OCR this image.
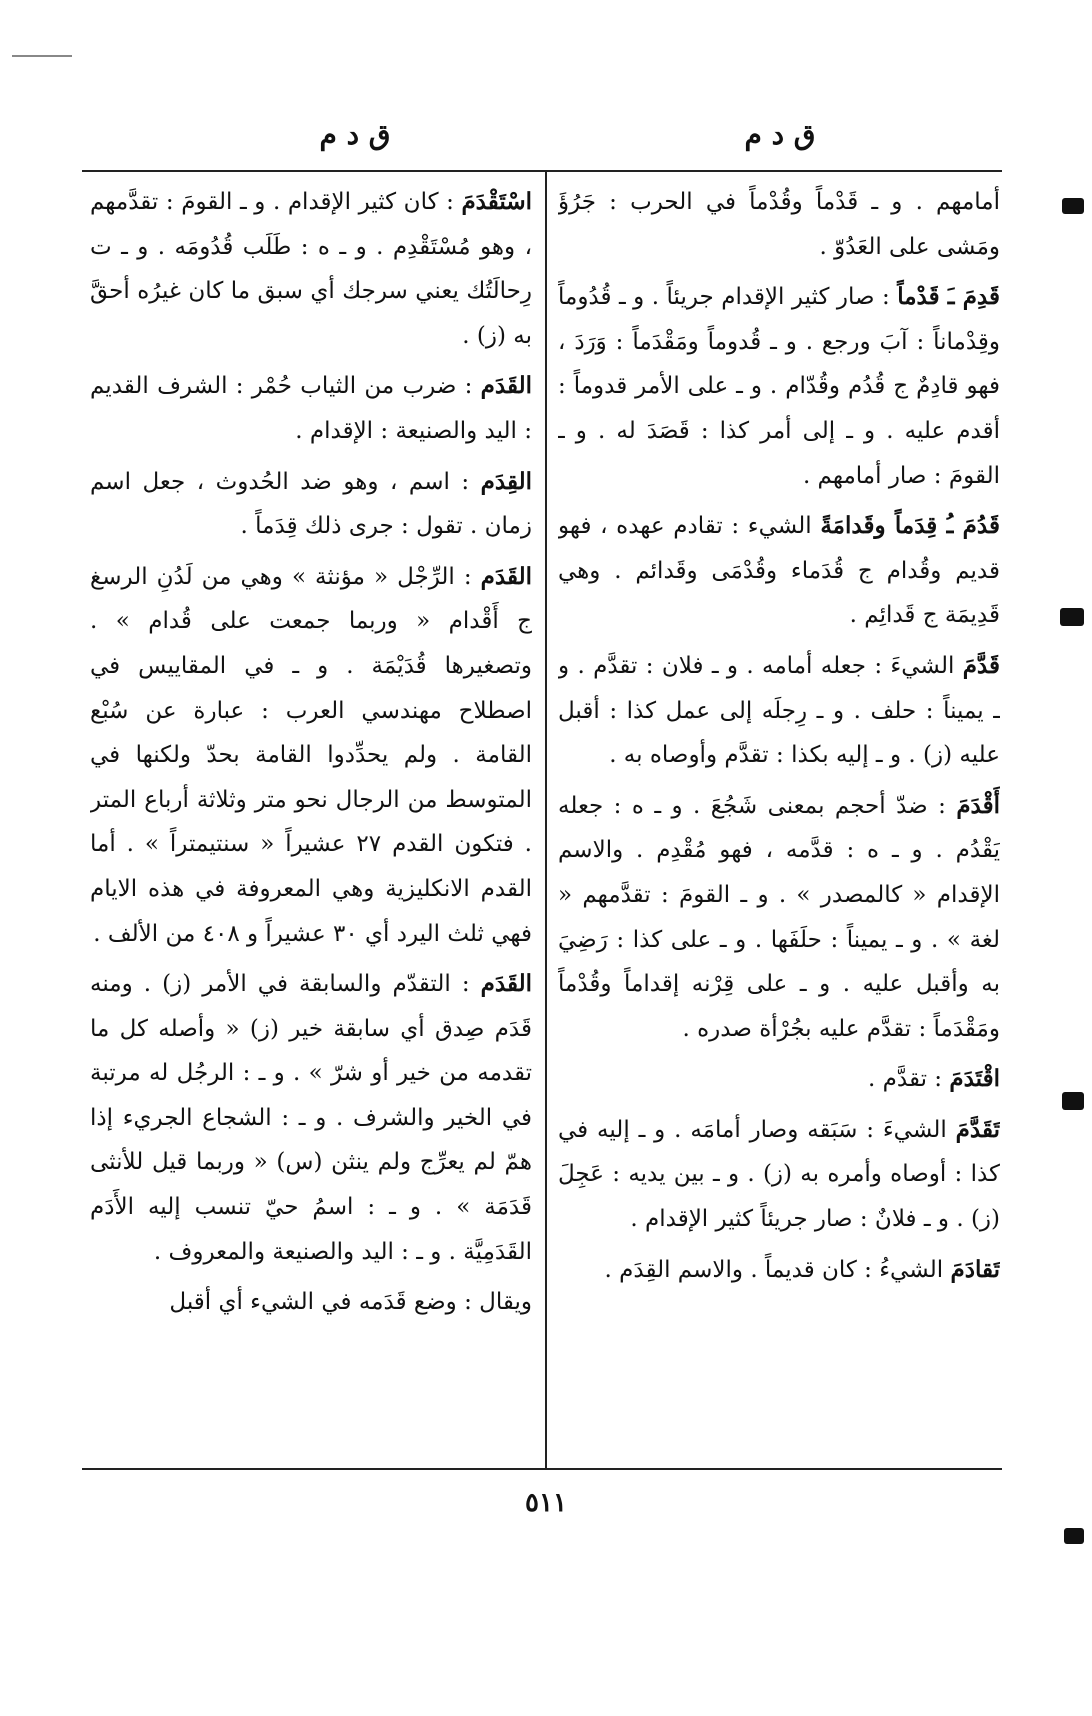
ق د م
ق د م

أمامهم . و ـ قَدْماً وقُدْماً في الحرب : جَرُؤَ ومَشى على العَدُوّ .

قَدِمَ ـَ قَدْماً : صار كثير الإقدام جريئاً . و ـ قُدُوماً وقِدْماناً : آبَ ورجع . و ـ قُدوماً ومَقْدَماً : وَرَدَ ، فهو قادِمٌ ج قُدُم وقُدّام . و ـ على الأمر قدوماً : أقدم عليه . و ـ إلى أمر كذا : قَصَدَ له . و ـ القومَ : صار أمامهم .

قَدُمَ ـُ قِدَماً وقَدامَةً الشيء : تقادم عهده ، فهو قديم وقُدام ج قُدَماء وقُدْمَى وقَدائم . وهي قَدِيمَة ج قَدائِم .

قَدَّمَ الشيءَ : جعله أمامه . و ـ فلان : تقدَّم . و ـ يميناً : حلف . و ـ رِجلَه إلى عمل كذا : أقبل عليه (ز) . و ـ إليه بكذا : تقدَّم وأوصاه به .

أَقْدَمَ : ضدّ أحجم بمعنى شَجُعَ . و ـ ه : جعله يَقْدُم . و ـ ه : قدَّمه ، فهو مُقْدِم . والاسم الإقدام « كالمصدر » . و ـ القومَ : تقدَّمهم « لغة » . و ـ يميناً : حلَفَها . و ـ على كذا : رَضِيَ به وأقبل عليه . و ـ على قِرْنه إقداماً وقُدْماً ومَقْدَماً : تقدَّم عليه بجُرْأة صدره .

اقْتَدَمَ : تقدَّم .

تَقَدَّمَ الشيءَ : سَبَقه وصار أمامَه . و ـ إليه في كذا : أوصاه وأمره به (ز) . و ـ بين يديه : عَجِلَ (ز) . و ـ فلانٌ : صار جريئاً كثير الإقدام .

تَقادَمَ الشيءُ : كان قديماً . والاسم القِدَم .

اسْتَقْدَمَ : كان كثير الإقدام . و ـ القومَ : تقدَّمهم ، وهو مُسْتَقْدِم . و ـ ه : طَلَب قُدُومَه . و ـ ت رِحالَتُك يعني سرجك أي سبق ما كان غيرُه أحقَّ به (ز) .

القَدَم : ضرب من الثياب حُمْر : الشرف القديم : اليد والصنيعة : الإقدام .

القِدَم : اسم ، وهو ضد الحُدوث ، جعل اسم زمان . تقول : جرى ذلك قِدَماً .

القَدَم : الرِّجْل « مؤنثة » وهي من لَدُنِ الرسغ ج أَقْدام « وربما جمعت على قُدام » . وتصغيرها قُدَيْمَة . و ـ في المقاييس في اصطلاح مهندسي العرب : عبارة عن سُبْع القامة . ولم يحدِّدوا القامة بحدّ ولكنها في المتوسط من الرجال نحو متر وثلاثة أرباع المتر . فتكون القدم ٢٧ عشيراً « سنتيمتراً » . أما القدم الانكليزية وهي المعروفة في هذه الايام فهي ثلث اليرد أي ٣٠ عشيراً و ٤٠٨ من الألف .

القَدَم : التقدّم والسابقة في الأمر (ز) . ومنه قَدَم صِدق أي سابقة خير (ز) « وأصله كل ما تقدمه من خير أو شرّ » . و ـ : الرجُل له مرتبة في الخير والشرف . و ـ : الشجاع الجريء إذا همّ لم يعرِّج ولم ينثن (س) « وربما قيل للأنثى قَدَمَة » . و ـ : اسمُ حيّ تنسب إليه الأَدَم القَدَمِيَّة . و ـ : اليد والصنيعة والمعروف .

ويقال : وضع قَدَمه في الشيء أي أقبل

٥١١
